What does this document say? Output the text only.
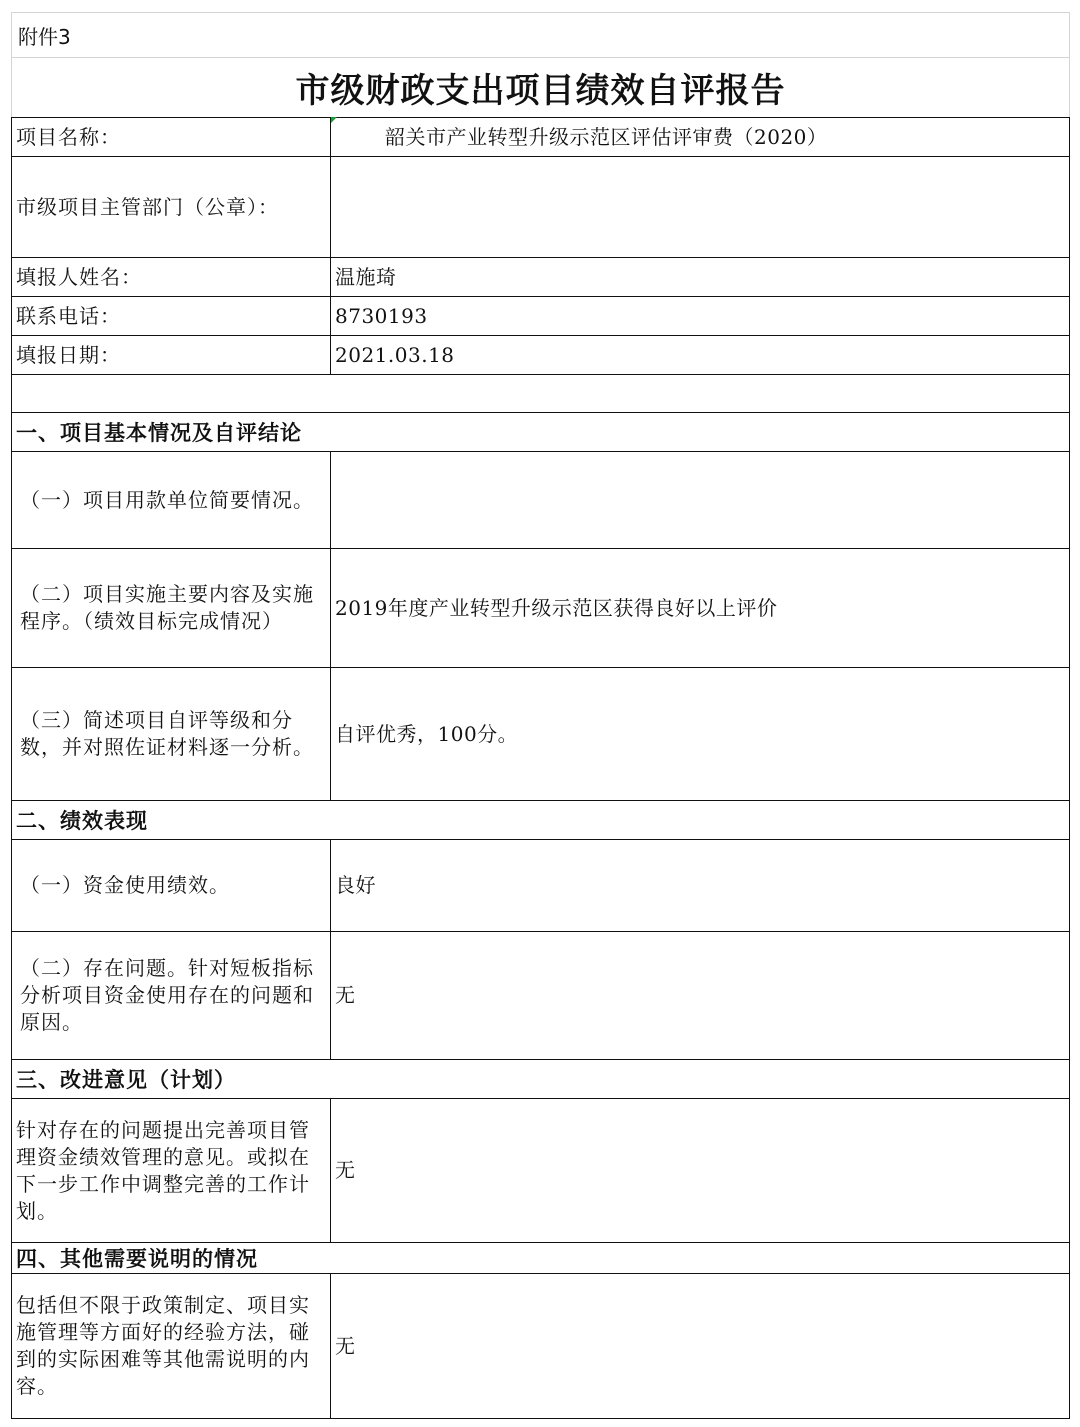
附件3	
市级财政支出项目绩效自评报告	
项目名称：	韶关市产业转型升级示范区评估评审费（2020）
市级项目主管部门（公章）：	
填报人姓名：	温施琦
联系电话：	8730193
填报日期：	2021.03.18

一、项目基本情况及自评结论	
（一）项目用款单位简要情况。	
（二）项目实施主要内容及实施程序。（绩效目标完成情况）	2019年度产业转型升级示范区获得良好以上评价
（三）简述项目自评等级和分数，并对照佐证材料逐一分析。	自评优秀，100分。
二、绩效表现	
（一）资金使用绩效。	良好
（二）存在问题。针对短板指标分析项目资金使用存在的问题和原因。	无
三、改进意见（计划）	
针对存在的问题提出完善项目管理资金绩效管理的意见。或拟在下一步工作中调整完善的工作计划。	无
四、其他需要说明的情况	
包括但不限于政策制定、项目实施管理等方面好的经验方法，碰到的实际困难等其他需说明的内容。	无
